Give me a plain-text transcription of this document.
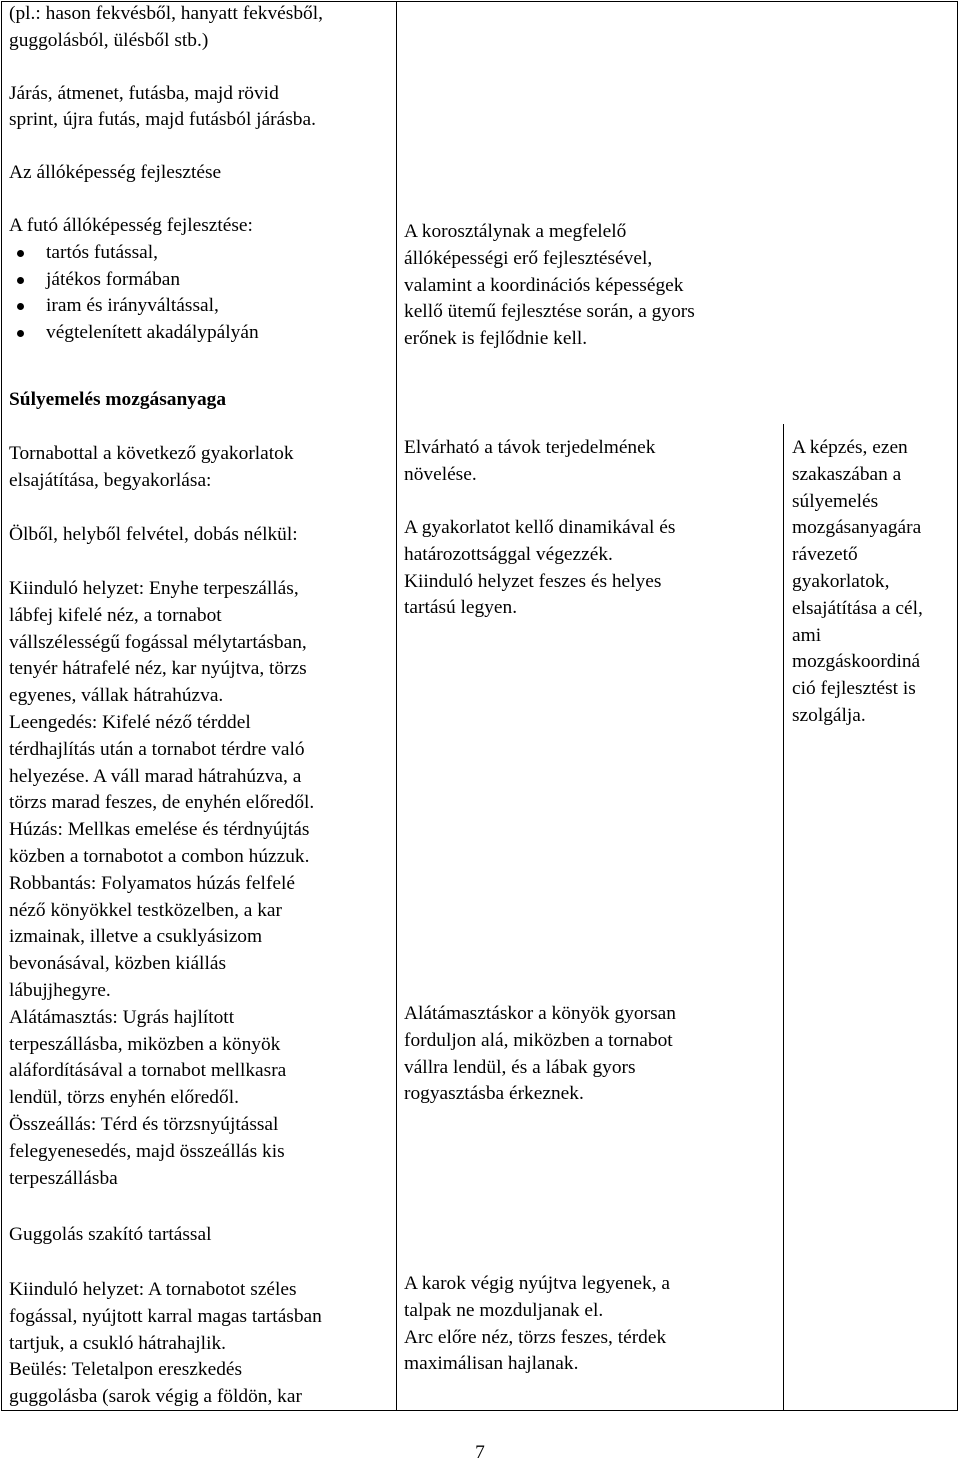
(pl.: hason fekvésből, hanyatt fekvésből,

guggolásból, ülésből stb.)

Járás, átmenet, futásba, majd rövid

sprint, újra futás, majd futásból járásba.

Az állóképesség fejlesztése

A futó állóképesség fejlesztése:

tartós futással,
játékos formában
iram és irányváltással,
végtelenített akadálypályán
Súlyemelés mozgásanyaga

Tornabottal a következő gyakorlatok

elsajátítása, begyakorlása:

Ölből, helyből felvétel, dobás nélkül:

Kiinduló helyzet: Enyhe terpeszállás,

lábfej kifelé néz, a tornabot

vállszélességű fogással mélytartásban,

tenyér hátrafelé néz, kar nyújtva, törzs

egyenes, vállak hátrahúzva.

Leengedés: Kifelé néző térddel

térdhajlítás után a tornabot térdre való

helyezése. A váll marad hátrahúzva, a

törzs marad feszes, de enyhén előredől.

Húzás: Mellkas emelése és térdnyújtás

közben a tornabotot a combon húzzuk.

Robbantás: Folyamatos húzás felfelé

néző könyökkel testközelben, a kar

izmainak, illetve a csuklyásizom

bevonásával, közben kiállás

lábujjhegyre.

Alátámasztás: Ugrás hajlított

terpeszállásba, miközben a könyök

aláfordításával a tornabot mellkasra

lendül, törzs enyhén előredől.

Összeállás: Térd és törzsnyújtással

felegyenesedés, majd összeállás kis

terpeszállásba

Guggolás szakító tartással

Kiinduló helyzet: A tornabotot széles

fogással, nyújtott karral magas tartásban

tartjuk, a csukló hátrahajlik.

Beülés: Teletalpon ereszkedés

guggolásba (sarok végig a földön, kar

A korosztálynak a megfelelő

állóképességi erő fejlesztésével,

valamint a koordinációs képességek

kellő ütemű fejlesztése során, a gyors

erőnek is fejlődnie kell.

Elvárható a távok terjedelmének

növelése.

A gyakorlatot kellő dinamikával és

határozottsággal végezzék.

Kiinduló helyzet feszes és helyes

tartású legyen.

Alátámasztáskor a könyök gyorsan

forduljon alá, miközben a tornabot

vállra lendül, és a lábak gyors

rogyasztásba érkeznek.

A karok végig nyújtva legyenek, a

talpak ne mozduljanak el.

Arc előre néz, törzs feszes, térdek

maximálisan hajlanak.

A képzés, ezen

szakaszában a

súlyemelés

mozgásanyagára

rávezető

gyakorlatok,

elsajátítása a cél,

ami

mozgáskoordiná

ció fejlesztést is

szolgálja.

7
